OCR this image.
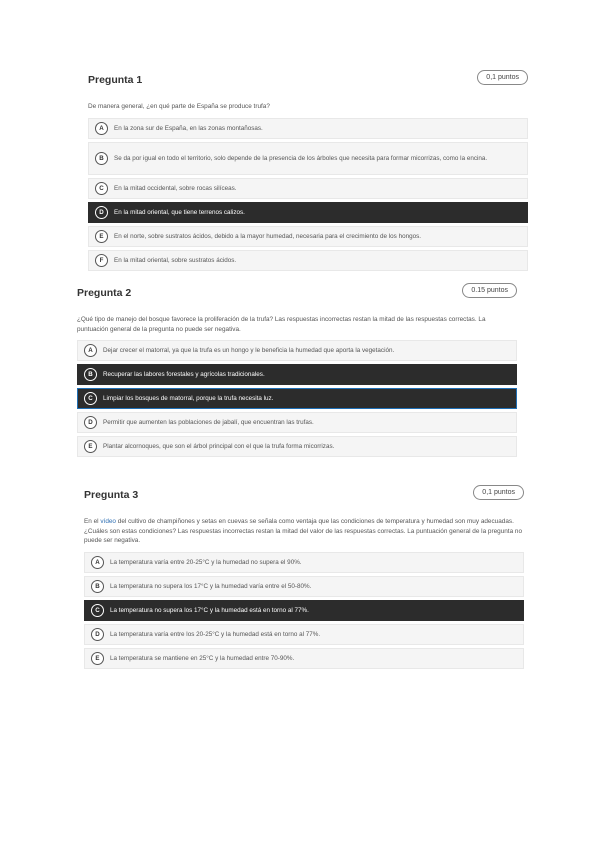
Pregunta 1	0,1 puntos
De manera general, ¿en qué parte de España se produce trufa?
A	En la zona sur de España, en las zonas montañosas.
B	Se da por igual en todo el territorio, solo depende de la presencia de los árboles que necesita para formar micorrizas, como la encina.
C	En la mitad occidental, sobre rocas silíceas.
D	En la mitad oriental, que tiene terrenos calizos.
E	En el norte, sobre sustratos ácidos, debido a la mayor humedad, necesaria para el crecimiento de los hongos.
F	En la mitad oriental, sobre sustratos ácidos.
Pregunta 2	0.15 puntos
¿Qué tipo de manejo del bosque favorece la proliferación de la trufa? Las respuestas incorrectas restan la mitad de las respuestas correctas. La puntuación general de la pregunta no puede ser negativa.
A	Dejar crecer el matorral, ya que la trufa es un hongo y le beneficia la humedad que aporta la vegetación.
B	Recuperar las labores forestales y agrícolas tradicionales.
C	Limpiar los bosques de matorral, porque la trufa necesita luz.
D	Permitir que aumenten las poblaciones de jabalí, que encuentran las trufas.
E	Plantar alcornoques, que son el árbol principal con el que la trufa forma micorrizas.
Pregunta 3	0,1 puntos
En el vídeo del cultivo de champiñones y setas en cuevas se señala como ventaja que las condiciones de temperatura y humedad son muy adecuadas. ¿Cuáles son estas condiciones? Las respuestas incorrectas restan la mitad del valor de las respuestas correctas. La puntuación general de la pregunta no puede ser negativa.
A	La temperatura varía entre 20-25°C y la humedad no supera el 90%.
B	La temperatura no supera los 17°C y la humedad varía entre el 50-80%.
C	La temperatura no supera los 17°C y la humedad está en torno al 77%.
D	La temperatura varía entre los 20-25°C y la humedad está en torno al 77%.
E	La temperatura se mantiene en 25°C y la humedad entre 70-90%.
